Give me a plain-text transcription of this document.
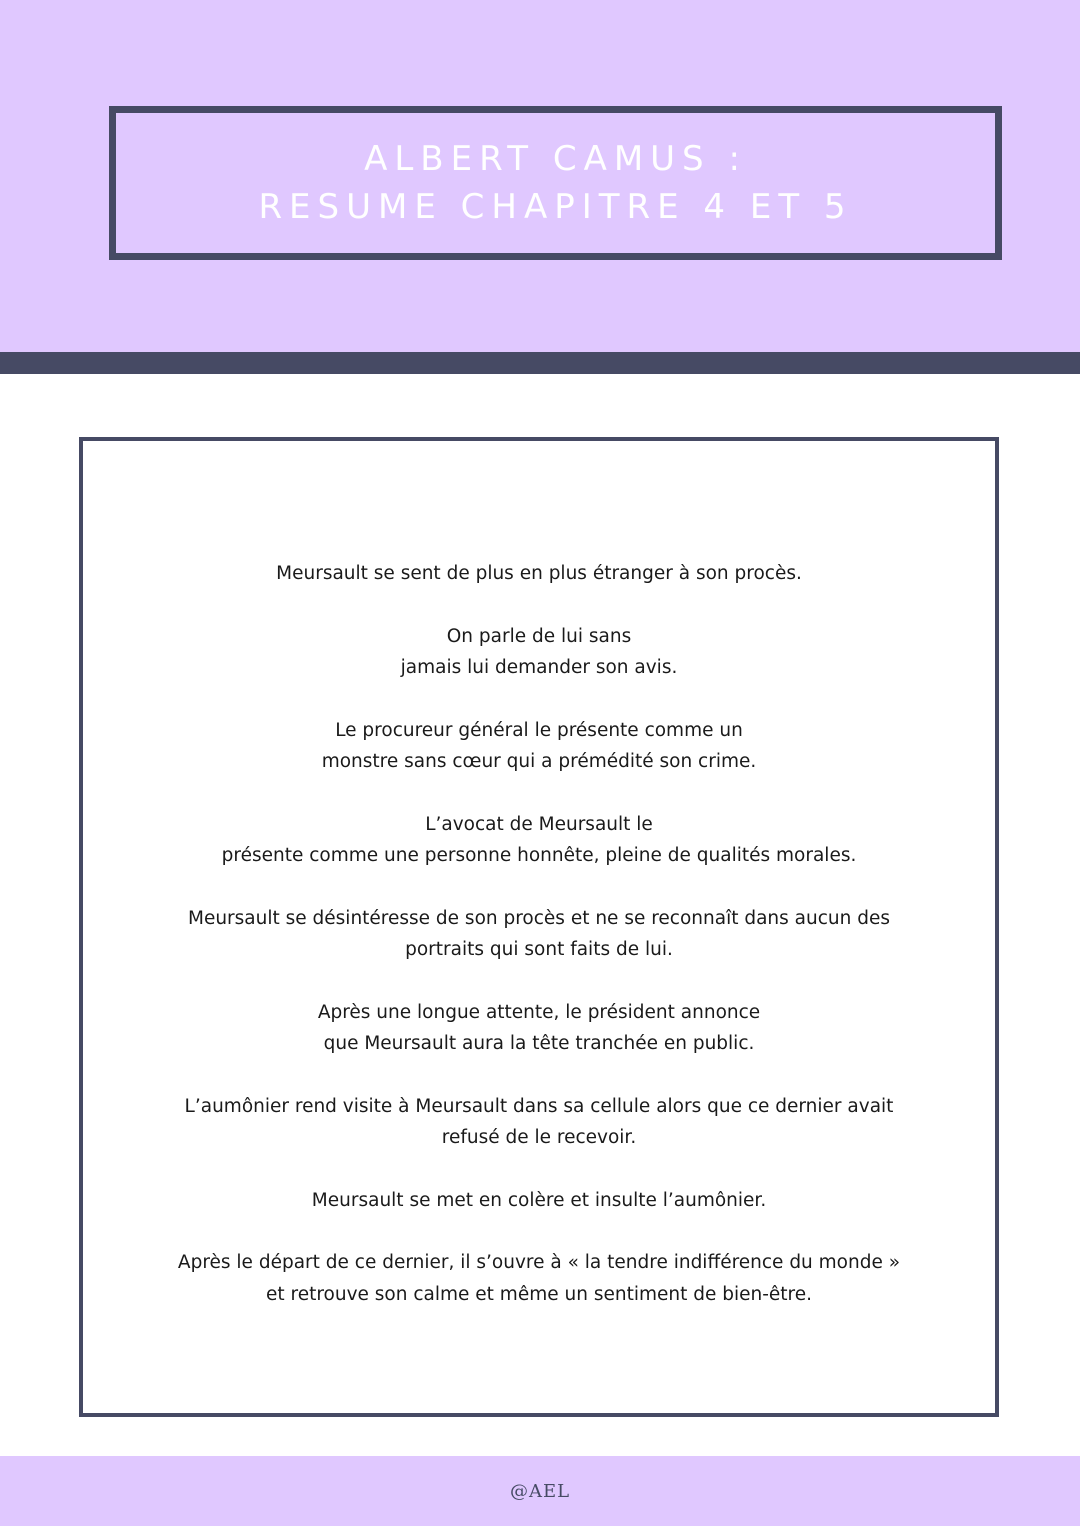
ALBERT CAMUS :
RESUME CHAPITRE 4 ET 5

Meursault se sent de plus en plus étranger à son procès.

On parle de lui sans
jamais lui demander son avis.

Le procureur général le présente comme un
monstre sans cœur qui a prémédité son crime.

L’avocat de Meursault le
présente comme une personne honnête, pleine de qualités morales.

Meursault se désintéresse de son procès et ne se reconnaît dans aucun des
portraits qui sont faits de lui.

Après une longue attente, le président annonce
que Meursault aura la tête tranchée en public.

L’aumônier rend visite à Meursault dans sa cellule alors que ce dernier avait
refusé de le recevoir.

Meursault se met en colère et insulte l’aumônier.

Après le départ de ce dernier, il s’ouvre à « la tendre indifférence du monde »
et retrouve son calme et même un sentiment de bien-être.

@AEL
